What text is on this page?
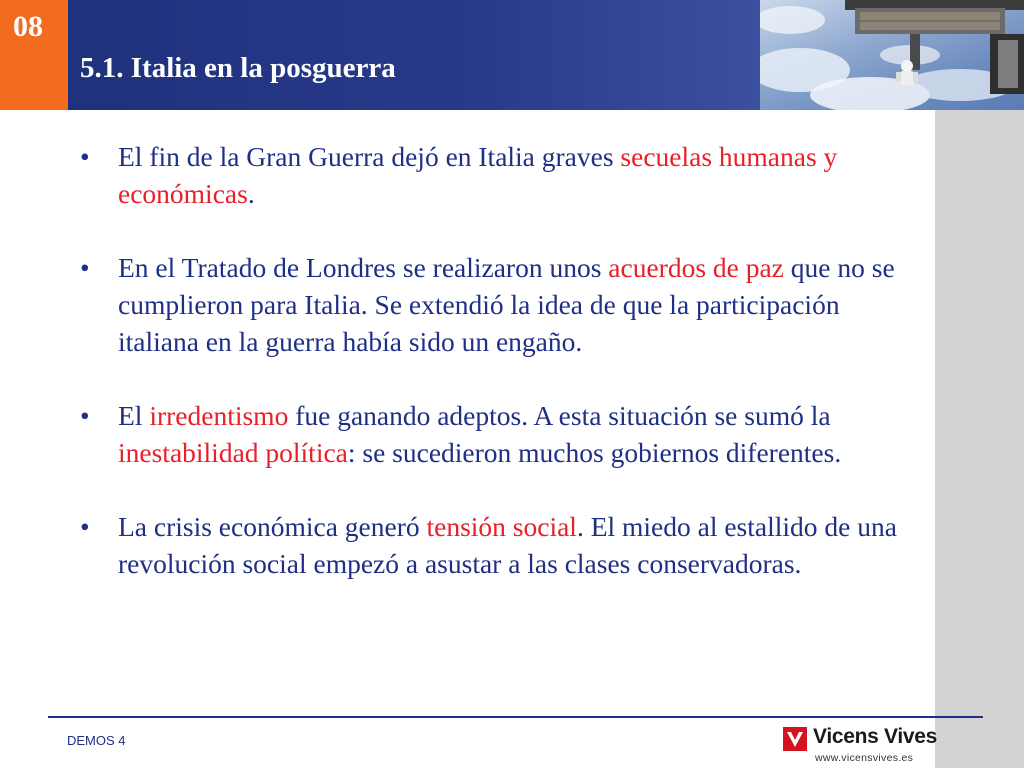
08
5.1. Italia en la posguerra
• El fin de la Gran Guerra dejó en Italia graves secuelas humanas y económicas.
• En el Tratado de Londres se realizaron unos acuerdos de paz que no se cumplieron para Italia. Se extendió la idea de que la participación italiana en la guerra había sido un engaño.
• El irredentismo fue ganando adeptos. A esta situación se sumó la inestabilidad política: se sucedieron muchos gobiernos diferentes.
• La crisis económica generó tensión social. El miedo al estallido de una revolución social empezó a asustar a las clases conservadoras.
DEMOS 4	Vicens Vives
www.vicensvives.es
